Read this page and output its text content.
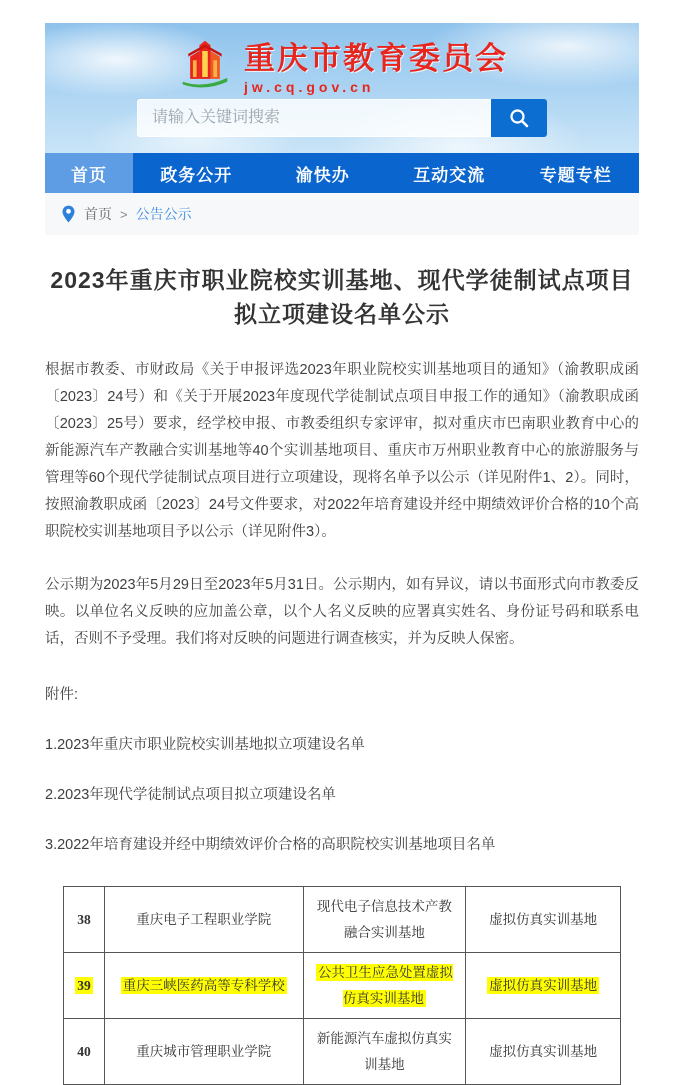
重庆市教育委员会
jw.cq.gov.cn
请输入关键词搜索
首页	政务公开	渝快办	互动交流	专题专栏
首页 > 公告公示
2023年重庆市职业院校实训基地、现代学徒制试点项目拟立项建设名单公示

根据市教委、市财政局《关于申报评选2023年职业院校实训基地项目的通知》（渝教职成函〔2023〕24号）和《关于开展2023年度现代学徒制试点项目申报工作的通知》（渝教职成函〔2023〕25号）要求，经学校申报、市教委组织专家评审，拟对重庆市巴南职业教育中心的新能源汽车产教融合实训基地等40个实训基地项目、重庆市万州职业教育中心的旅游服务与管理等60个现代学徒制试点项目进行立项建设，现将名单予以公示（详见附件1、2）。同时，按照渝教职成函〔2023〕24号文件要求，对2022年培育建设并经中期绩效评价合格的10个高职院校实训基地项目予以公示（详见附件3）。

公示期为2023年5月29日至2023年5月31日。公示期内，如有异议，请以书面形式向市教委反映。以单位名义反映的应加盖公章，以个人名义反映的应署真实姓名、身份证号码和联系电话，否则不予受理。我们将对反映的问题进行调查核实，并为反映人保密。

附件:
1.2023年重庆市职业院校实训基地拟立项建设名单
2.2023年现代学徒制试点项目拟立项建设名单
3.2022年培育建设并经中期绩效评价合格的高职院校实训基地项目名单
38	重庆电子工程职业学院	现代电子信息技术产教融合实训基地	虚拟仿真实训基地
39	重庆三峡医药高等专科学校	公共卫生应急处置虚拟仿真实训基地	虚拟仿真实训基地
40	重庆城市管理职业学院	新能源汽车虚拟仿真实训基地	虚拟仿真实训基地
